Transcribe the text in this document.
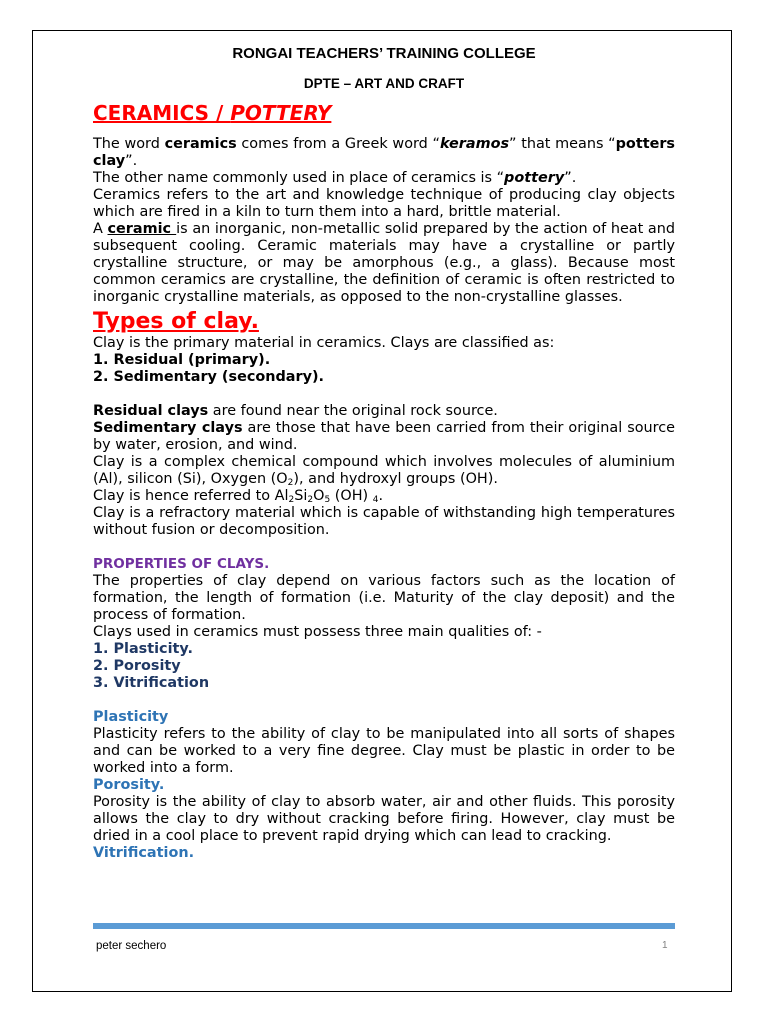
RONGAI TEACHERS’ TRAINING COLLEGE
DPTE – ART AND CRAFT
CERAMICS / POTTERY

The word ceramics comes from a Greek word “keramos” that means “potters clay”.

The other name commonly used in place of ceramics is “pottery”.

Ceramics refers to the art and knowledge technique of producing clay objects which are fired in a kiln to turn them into a hard, brittle material.

A ceramic is an inorganic, non-metallic solid prepared by the action of heat and subsequent cooling. Ceramic materials may have a crystalline or partly crystalline structure, or may be amorphous (e.g., a glass). Because most common ceramics are crystalline, the definition of ceramic is often restricted to inorganic crystalline materials, as opposed to the non-crystalline glasses.

Types of clay.

Clay is the primary material in ceramics. Clays are classified as:

1. Residual (primary).
2. Sedimentary (secondary).

Residual clays are found near the original rock source.

Sedimentary clays are those that have been carried from their original source by water, erosion, and wind.

Clay is a complex chemical compound which involves molecules of aluminium (Al), silicon (Si), Oxygen $(O_2)$, and hydroxyl groups (OH).

Clay is hence referred to $Al_2Si_2O_5$ (OH) $_4$.

Clay is a refractory material which is capable of withstanding high temperatures without fusion or decomposition.

PROPERTIES OF CLAYS.

The properties of clay depend on various factors such as the location of formation, the length of formation (i.e. Maturity of the clay deposit) and the process of formation.

Clays used in ceramics must possess three main qualities of: -

1. Plasticity.
2. Porosity
3. Vitrification
Plasticity

Plasticity refers to the ability of clay to be manipulated into all sorts of shapes and can be worked to a very fine degree. Clay must be plastic in order to be worked into a form.

Porosity.

Porosity is the ability of clay to absorb water, air and other fluids. This porosity allows the clay to dry without cracking before firing. However, clay must be dried in a cool place to prevent rapid drying which can lead to cracking.

Vitrification.
peter sechero	1
